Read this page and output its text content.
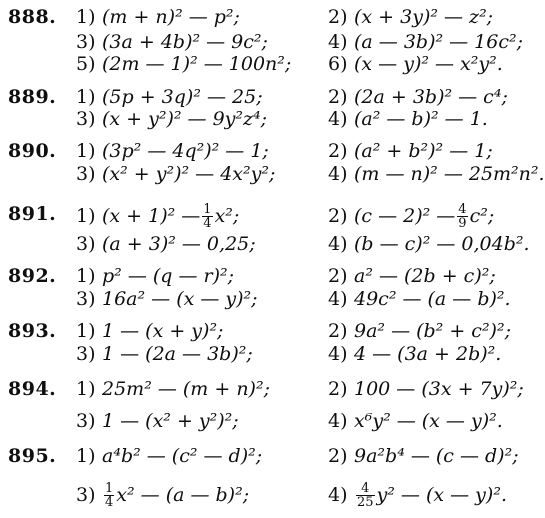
888. 1) (m + n)² — p²;	2) (x + 3y)² — z²;
3) (3a + 4b)² — 9c²;	4) (a — 3b)² — 16c²;
5) (2m — 1)² — 100n²; 6) (x — y)² — x²y².
889. 1) (5p + 3q)² — 25;	2) (2a + 3b)² — c⁴;
3) (x + y²)² — 9y²z⁴;	4) (a² — b)² — 1.
890. 1) (3p² — 4q²)² — 1;	2) (a² + b²)² — 1;
3) (x² + y²)² — 4x²y²;	4) (m — n)² — 25m²n².
891. 1) (x + 1)² — $\frac{1}{4} x^2$;	2) (c — 2)² — $\frac{4}{9} c^2$;
3) (a + 3)² — 0,25;	4) (b — c)² — 0,04b².
892. 1) p² — (q — r)²;	2) a² — (2b + c)²;
3) 16a² — (x — y)²;	4) 49c² — (a — b)².
893. 1) 1 — (x + y)²;	2) 9a² — (b² + c²)²;
3) 1 — (2a — 3b)²;	4) 4 — (3a + 2b)².
894. 1) 25m² — (m + n)²;	2) 100 — (3x + 7y)²;
3) 1 — (x² + y²)²;	4) x⁶y² — (x — y)².
895. 1) a⁴b² — (c² — d)²;	2) 9a²b⁴ — (c — d)²;
$3) \frac{1}{4} x^2$ — (a — b)²;	$4) \frac{4}{25} y^2$ — (x — y)².
